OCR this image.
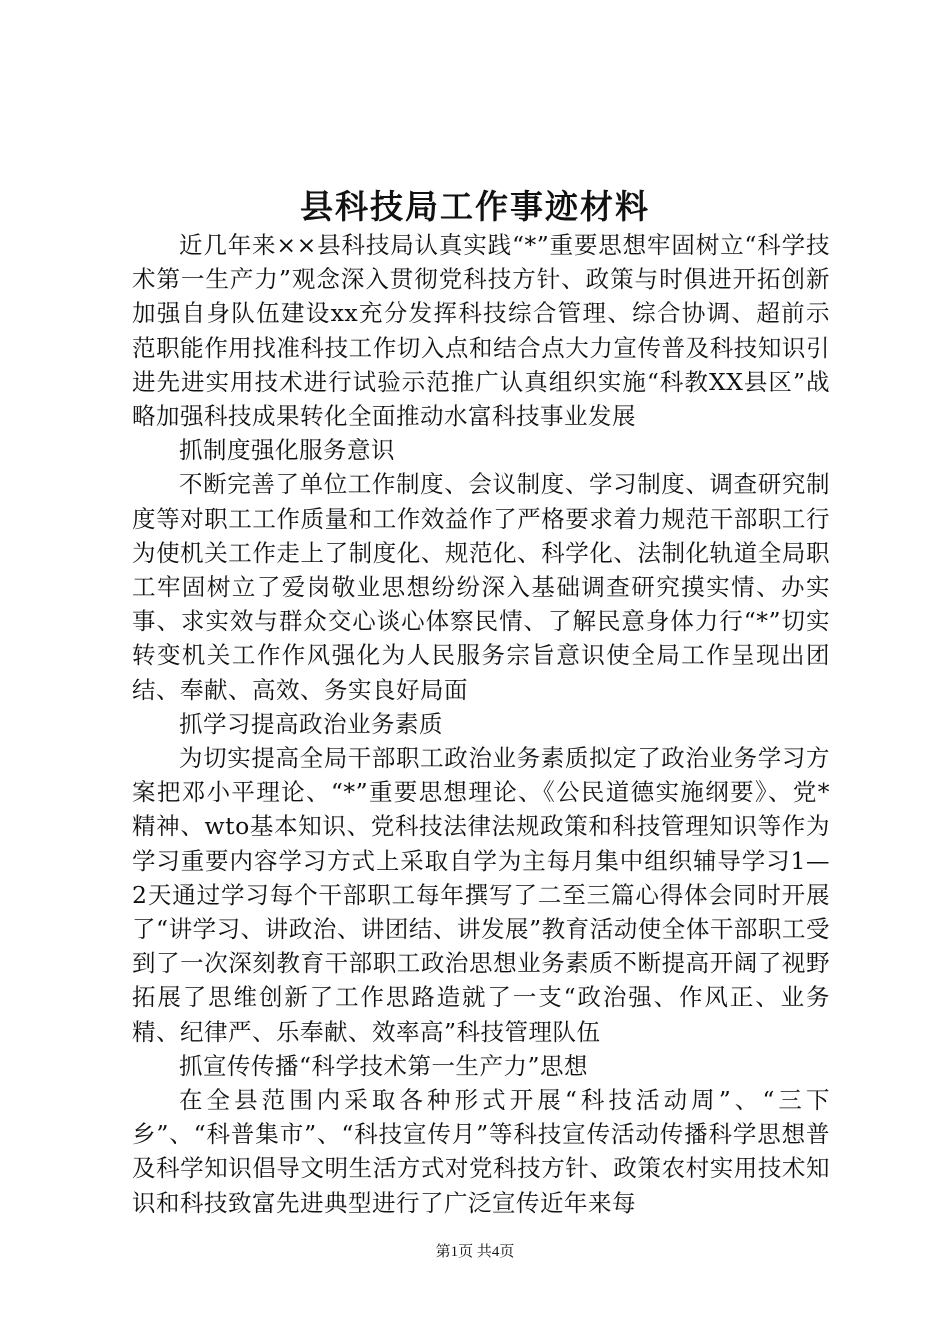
县科技局工作事迹材料

近几年来××县科技局认真实践“*”重要思想牢固树立“科学技术第一生产力”观念深入贯彻党科技方针、政策与时俱进开拓创新加强自身队伍建设xx充分发挥科技综合管理、综合协调、超前示范职能作用找准科技工作切入点和结合点大力宣传普及科技知识引进先进实用技术进行试验示范推广认真组织实施“科教XX县区”战略加强科技成果转化全面推动水富科技事业发展

抓制度强化服务意识

不断完善了单位工作制度、会议制度、学习制度、调查研究制度等对职工工作质量和工作效益作了严格要求着力规范干部职工行为使机关工作走上了制度化、规范化、科学化、法制化轨道全局职工牢固树立了爱岗敬业思想纷纷深入基础调查研究摸实情、办实事、求实效与群众交心谈心体察民情、了解民意身体力行“*”切实转变机关工作作风强化为人民服务宗旨意识使全局工作呈现出团结、奉献、高效、务实良好局面

抓学习提高政治业务素质

为切实提高全局干部职工政治业务素质拟定了政治业务学习方案把邓小平理论、“*”重要思想理论、《公民道德实施纲要》、党*精神、wto基本知识、党科技法律法规政策和科技管理知识等作为学习重要内容学习方式上采取自学为主每月集中组织辅导学习1—2天通过学习每个干部职工每年撰写了二至三篇心得体会同时开展了“讲学习、讲政治、讲团结、讲发展”教育活动使全体干部职工受到了一次深刻教育干部职工政治思想业务素质不断提高开阔了视野拓展了思维创新了工作思路造就了一支“政治强、作风正、业务精、纪律严、乐奉献、效率高”科技管理队伍

抓宣传传播“科学技术第一生产力”思想

在全县范围内采取各种形式开展“科技活动周”、“三下乡”、“科普集市”、“科技宣传月”等科技宣传活动传播科学思想普及科学知识倡导文明生活方式对党科技方针、政策农村实用技术知识和科技致富先进典型进行了广泛宣传近年来每

第1页 共4页
